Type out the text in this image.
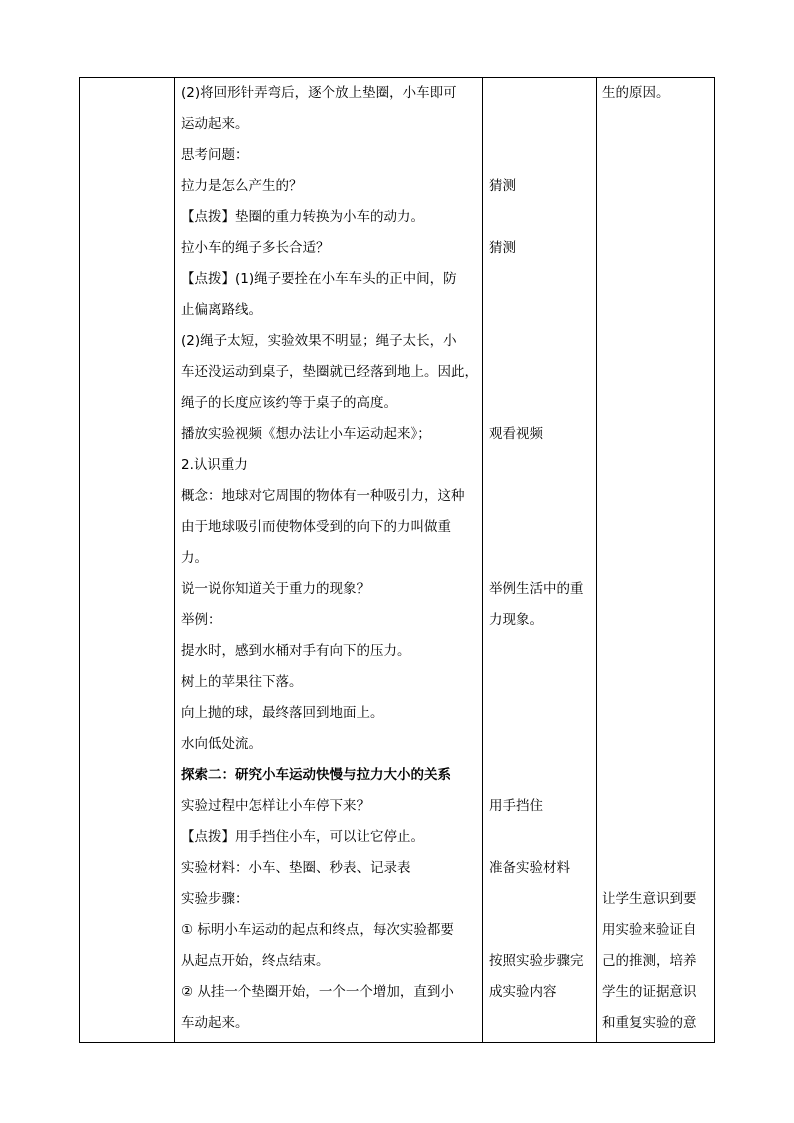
(2)将回形针弄弯后，逐个放上垫圈，小车即可
运动起来。
思考问题：
拉力是怎么产生的？
【点拨】垫圈的重力转换为小车的动力。
拉小车的绳子多长合适？
【点拨】(1)绳子要拴在小车车头的正中间，防
止偏离路线。
(2)绳子太短，实验效果不明显；绳子太长，小
车还没运动到桌子，垫圈就已经落到地上。因此，
绳子的长度应该约等于桌子的高度。
播放实验视频《想办法让小车运动起来》；
2.认识重力
概念：地球对它周围的物体有一种吸引力，这种
由于地球吸引而使物体受到的向下的力叫做重
力。
说一说你知道关于重力的现象？
举例：
提水时，感到水桶对手有向下的压力。
树上的苹果往下落。
向上抛的球，最终落回到地面上。
水向低处流。
探索二：研究小车运动快慢与拉力大小的关系
实验过程中怎样让小车停下来？
【点拨】用手挡住小车，可以让它停止。
实验材料：小车、垫圈、秒表、记录表
实验步骤：
① 标明小车运动的起点和终点，每次实验都要
从起点开始，终点结束。
② 从挂一个垫圈开始，一个一个增加，直到小
车动起来。
猜测
猜测
观看视频
举例生活中的重
力现象。
用手挡住
准备实验材料
按照实验步骤完
成实验内容
生的原因。
让学生意识到要
用实验来验证自
己的推测，培养
学生的证据意识
和重复实验的意
